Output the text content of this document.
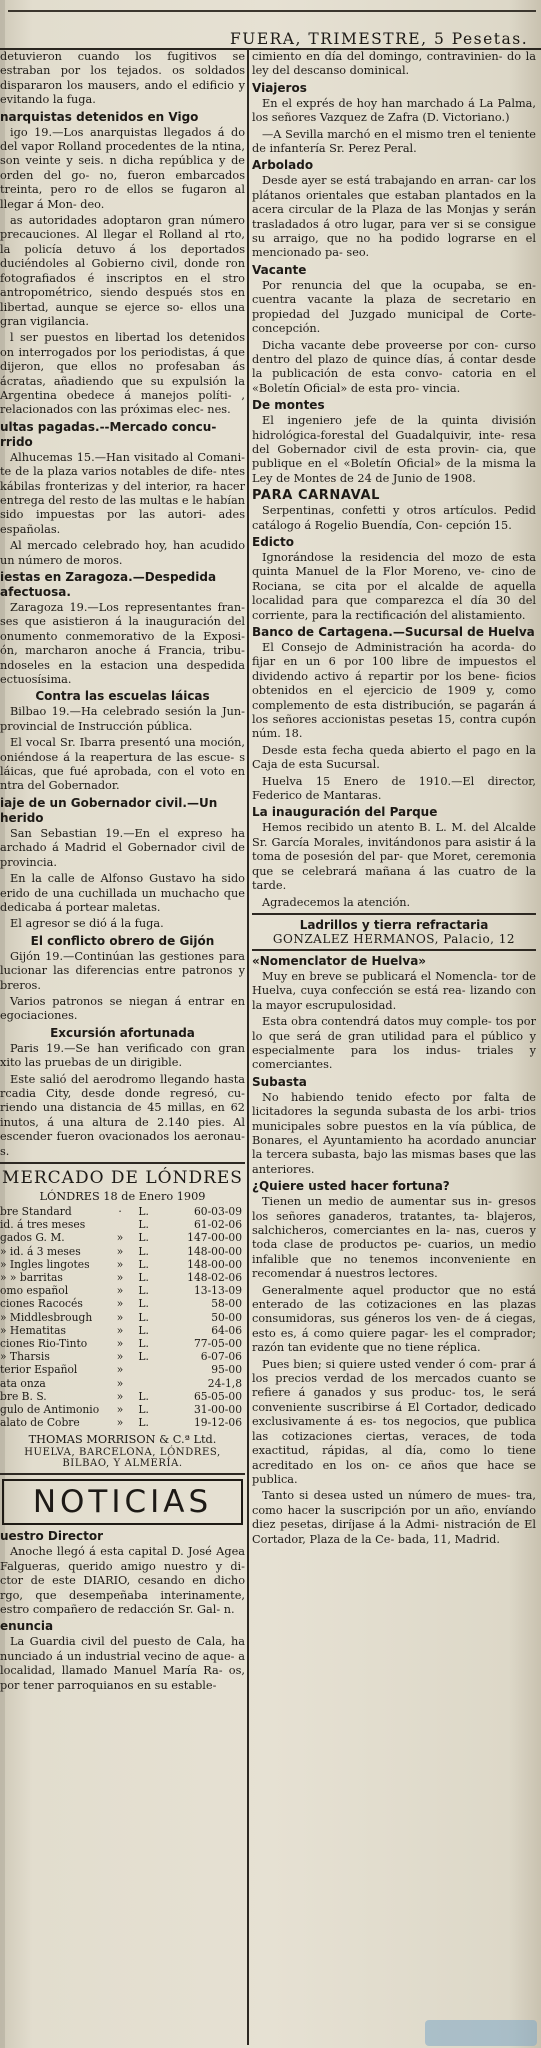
FUERA, TRIMESTRE, 5 Pesetas.

detuvieron cuando los fugitivos se estraban por los tejados. os soldados dispararon los mausers, ando el edificio y evitando la fuga.

narquistas detenidos en Vigo

igo 19.—Los anarquistas llegados á do del vapor Rolland procedentes de la ntina, son veinte y seis. n dicha república y de orden del go- no, fueron embarcados treinta, pero ro de ellos se fugaron al llegar á Mon- deo.

as autoridades adoptaron gran número precauciones. Al llegar el Rolland al rto, la policía detuvo á los deportados duciéndoles al Gobierno civil, donde ron fotografiados é inscriptos en el stro antropométrico, siendo después stos en libertad, aunque se ejerce so- ellos una gran vigilancia.

l ser puestos en libertad los detenidos on interrogados por los periodistas, á que dijeron, que ellos no profesaban ás ácratas, añadiendo que su expulsión la Argentina obedece á manejos políti- , relacionados con las próximas elec- nes.

ultas pagadas.--Mercado concu- rrido

Alhucemas 15.—Han visitado al Comani- te de la plaza varios notables de dife- ntes kábilas fronterizas y del interior, ra hacer entrega del resto de las multas e le habían sido impuestas por las autori- ades españolas.

Al mercado celebrado hoy, han acudido un número de moros.

iestas en Zaragoza.—Despedida afectuosa.

Zaragoza 19.—Los representantes fran- ses que asistieron á la inauguración del onumento conmemorativo de la Exposi- ón, marcharon anoche á Francia, tribu- ndoseles en la estacion una despedida ectuosísima.

Contra las escuelas láicas

Bilbao 19.—Ha celebrado sesión la Jun- provincial de Instrucción pública.

El vocal Sr. Ibarra presentó una moción, oniéndose á la reapertura de las escue- s láicas, que fué aprobada, con el voto en ntra del Gobernador.

iaje de un Gobernador civil.—Un herido

San Sebastian 19.—En el expreso ha archado á Madrid el Gobernador civil de provincia.

En la calle de Alfonso Gustavo ha sido erido de una cuchillada un muchacho que dedicaba á portear maletas.

El agresor se dió á la fuga.

El conflicto obrero de Gijón

Gijón 19.—Continúan las gestiones para lucionar las diferencias entre patronos y breros.

Varios patronos se niegan á entrar en egociaciones.

Excursión afortunada

Paris 19.—Se han verificado con gran xito las pruebas de un dirigible.

Este salió del aerodromo llegando hasta rcadia City, desde donde regresó, cu- riendo una distancia de 45 millas, en 62 inutos, á una altura de 2.140 pies. Al escender fueron ovacionados los aeronau- s.

MERCADO DE LÓNDRES
LÓNDRES 18 de Enero 1909
bre Standard	·	L.	60-03-09
id. á tres meses		L.	61-02-06
gados G. M.	»	L.	147-00-00
» id. á 3 meses	»	L.	148-00-00
» Ingles lingotes	»	L.	148-00-00
» » barritas	»	L.	148-02-06
omo español	»	L.	13-13-09
ciones Racocés	»	L.	58-00
» Middlesbrough	»	L.	50-00
» Hematitas	»	L.	64-06
ciones Rio-Tinto	»	L.	77-05-00
» Tharsis	»	L.	6-07-06
terior Español	»		95-00
ata onza	»		24-1,8
bre B. S.	»	L.	65-05-00
gulo de Antimonio	»	L.	31-00-00
alato de Cobre	»	L.	19-12-06
THOMAS MORRISON & C.ª Ltd.
HUELVA, BARCELONA, LÓNDRES, BILBAO, Y ALMERÍA.
NOTICIAS
uestro Director

Anoche llegó á esta capital D. José Agea Falgueras, querido amigo nuestro y di- ctor de este DIARIO, cesando en dicho rgo, que desempeñaba interinamente, estro compañero de redacción Sr. Gal- n.

enuncia

La Guardia civil del puesto de Cala, ha nunciado á un industrial vecino de aque- a localidad, llamado Manuel María Ra- os, por tener parroquianos en su estable-

cimiento en día del domingo, contravinien- do la ley del descanso dominical.

Viajeros

En el exprés de hoy han marchado á La Palma, los señores Vazquez de Zafra (D. Victoriano.)

—A Sevilla marchó en el mismo tren el teniente de infantería Sr. Perez Peral.

Arbolado

Desde ayer se está trabajando en arran- car los plátanos orientales que estaban plantados en la acera circular de la Plaza de las Monjas y serán trasladados á otro lugar, para ver si se consigue su arraigo, que no ha podido lograrse en el mencionado pa- seo.

Vacante

Por renuncia del que la ocupaba, se en- cuentra vacante la plaza de secretario en propiedad del Juzgado municipal de Corte- concepción.

Dicha vacante debe proveerse por con- curso dentro del plazo de quince días, á contar desde la publicación de esta convo- catoria en el «Boletín Oficial» de esta pro- vincia.

De montes

El ingeniero jefe de la quinta división hidrológica-forestal del Guadalquivir, inte- resa del Gobernador civil de esta provin- cia, que publique en el «Boletín Oficial» de la misma la Ley de Montes de 24 de Junio de 1908.

PARA CARNAVAL

Serpentinas, confetti y otros artículos. Pedid catálogo á Rogelio Buendía, Con- cepción 15.

Edicto

Ignorándose la residencia del mozo de esta quinta Manuel de la Flor Moreno, ve- cino de Rociana, se cita por el alcalde de aquella localidad para que comparezca el día 30 del corriente, para la rectificación del alistamiento.

Banco de Cartagena.—Sucursal de Huelva

El Consejo de Administración ha acorda- do fijar en un 6 por 100 libre de impuestos el dividendo activo á repartir por los bene- ficios obtenidos en el ejercicio de 1909 y, como complemento de esta distribución, se pagarán á los señores accionistas pesetas 15, contra cupón núm. 18.

Desde esta fecha queda abierto el pago en la Caja de esta Sucursal.

Huelva 15 Enero de 1910.—El director, Federico de Mantaras.

La inauguración del Parque

Hemos recibido un atento B. L. M. del Alcalde Sr. García Morales, invitándonos para asistir á la toma de posesión del par- que Moret, ceremonia que se celebrará mañana á las cuatro de la tarde.

Agradecemos la atención.

Ladrillos y tierra refractaria
GONZALEZ HERMANOS, Palacio, 12
«Nomenclator de Huelva»

Muy en breve se publicará el Nomencla- tor de Huelva, cuya confección se está rea- lizando con la mayor escrupulosidad.

Esta obra contendrá datos muy comple- tos por lo que será de gran utilidad para el público y especialmente para los indus- triales y comerciantes.

Subasta

No habiendo tenido efecto por falta de licitadores la segunda subasta de los arbi- trios municipales sobre puestos en la vía pública, de Bonares, el Ayuntamiento ha acordado anunciar la tercera subasta, bajo las mismas bases que las anteriores.

¿Quiere usted hacer fortuna?

Tienen un medio de aumentar sus in- gresos los señores ganaderos, tratantes, ta- blajeros, salchicheros, comerciantes en la- nas, cueros y toda clase de productos pe- cuarios, un medio infalible que no tenemos inconveniente en recomendar á nuestros lectores.

Generalmente aquel productor que no está enterado de las cotizaciones en las plazas consumidoras, sus géneros los ven- de á ciegas, esto es, á como quiere pagar- les el comprador; razón tan evidente que no tiene réplica.

Pues bien; si quiere usted vender ó com- prar á los precios verdad de los mercados cuanto se refiere á ganados y sus produc- tos, le será conveniente suscribirse á El Cortador, dedicado exclusivamente á es- tos negocios, que publica las cotizaciones ciertas, veraces, de toda exactitud, rápidas, al día, como lo tiene acreditado en los on- ce años que hace se publica.

Tanto si desea usted un número de mues- tra, como hacer la suscripción por un año, envíando diez pesetas, diríjase á la Admi- nistración de El Cortador, Plaza de la Ce- bada, 11, Madrid.
